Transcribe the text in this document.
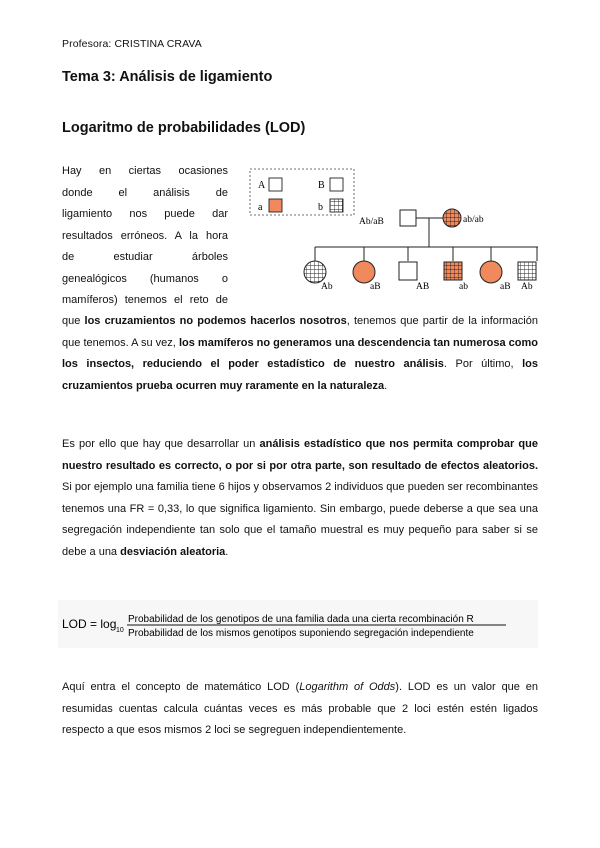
Profesora: CRISTINA CRAVA
Tema 3: Análisis de ligamiento
Logaritmo de probabilidades (LOD)
Hay en ciertas ocasiones
donde el análisis de
ligamiento nos puede dar
resultados erróneos. A la hora
de estudiar árboles
genealógicos (humanos o
mamíferos) tenemos el reto de
A	B
a	b
Ab/aB	ab/ab
Ab	aB	AB	ab	aB Ab
que los cruzamientos no podemos hacerlos nosotros, tenemos que partir de la información que tenemos. A su vez, los mamíferos no generamos una descendencia tan numerosa como los insectos, reduciendo el poder estadístico de nuestro análisis. Por último, los cruzamientos prueba ocurren muy raramente en la naturaleza.
Es por ello que hay que desarrollar un análisis estadístico que nos permita comprobar que nuestro resultado es correcto, o por si por otra parte, son resultado de efectos aleatorios. Si por ejemplo una familia tiene 6 hijos y observamos 2 individuos que pueden ser recombinantes tenemos una FR = 0,33, lo que significa ligamiento. Sin embargo, puede deberse a que sea una segregación independiente tan solo que el tamaño muestral es muy pequeño para saber si se debe a una desviación aleatoria.
LOD = log 10
Probabilidad de los genotipos de una familia dada una cierta recombinación R
Probabilidad de los mismos genotipos suponiendo segregación independiente
Aquí entra el concepto de matemático LOD (Logarithm of Odds). LOD es un valor que en resumidas cuentas calcula cuántas veces es más probable que 2 loci estén estén ligados respecto a que esos mismos 2 loci se segreguen independientemente.
